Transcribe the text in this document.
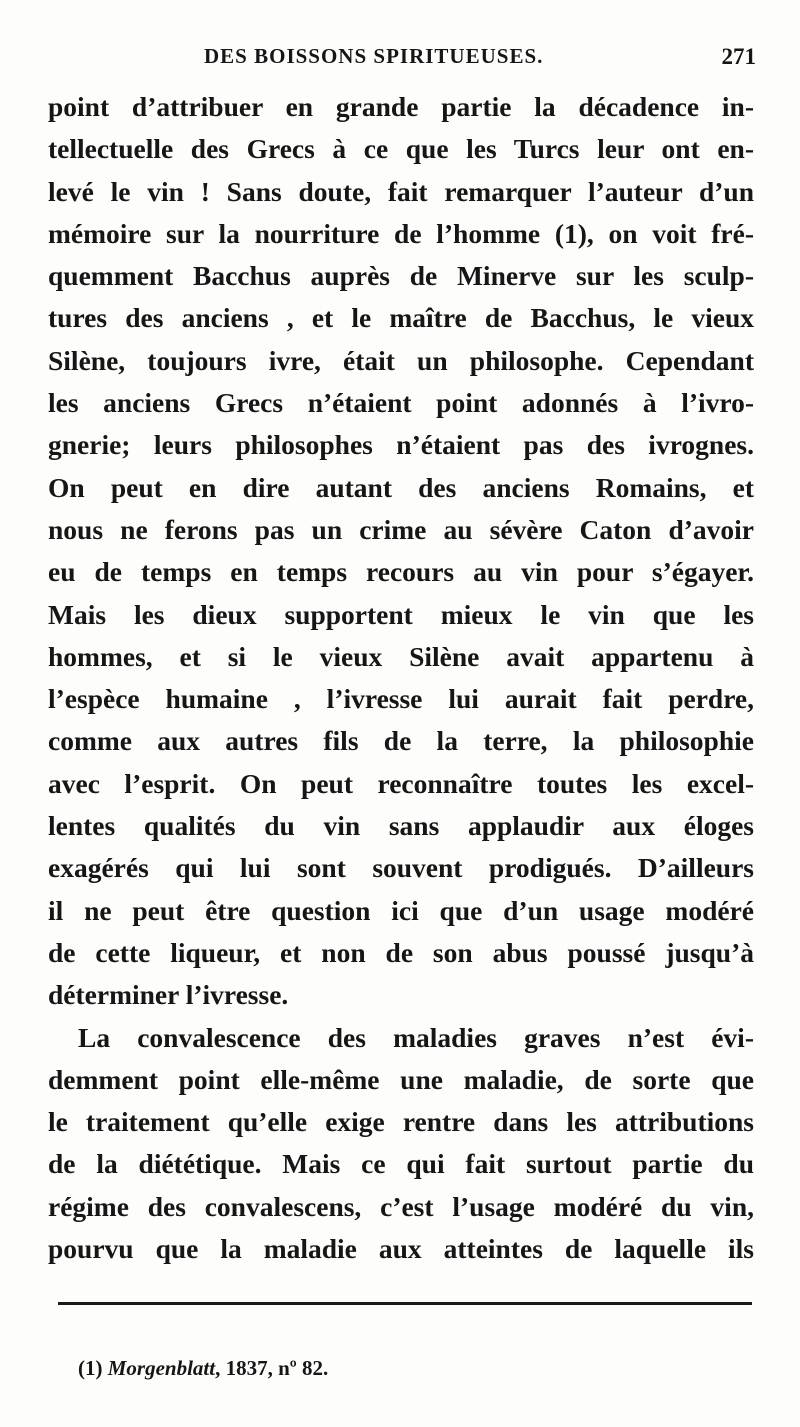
DES BOISSONS SPIRITUEUSES.	271
point d’attribuer en grande partie la décadence in-
tellectuelle des Grecs à ce que les Turcs leur ont en-
levé le vin ! Sans doute, fait remarquer l’auteur d’un
mémoire sur la nourriture de l’homme (1), on voit fré-
quemment Bacchus auprès de Minerve sur les sculp-
tures des anciens , et le maître de Bacchus, le vieux
Silène, toujours ivre, était un philosophe. Cependant
les anciens Grecs n’étaient point adonnés à l’ivro-
gnerie; leurs philosophes n’étaient pas des ivrognes.
On peut en dire autant des anciens Romains, et
nous ne ferons pas un crime au sévère Caton d’avoir
eu de temps en temps recours au vin pour s’égayer.
Mais les dieux supportent mieux le vin que les
hommes, et si le vieux Silène avait appartenu à
l’espèce humaine , l’ivresse lui aurait fait perdre,
comme aux autres fils de la terre, la philosophie
avec l’esprit. On peut reconnaître toutes les excel-
lentes qualités du vin sans applaudir aux éloges
exagérés qui lui sont souvent prodigués. D’ailleurs
il ne peut être question ici que d’un usage modéré
de cette liqueur, et non de son abus poussé jusqu’à
déterminer l’ivresse.
La convalescence des maladies graves n’est évi-
demment point elle-même une maladie, de sorte que
le traitement qu’elle exige rentre dans les attributions
de la diététique. Mais ce qui fait surtout partie du
régime des convalescens, c’est l’usage modéré du vin,
pourvu que la maladie aux atteintes de laquelle ils
(1) Morgenblatt, 1837, nº 82.
